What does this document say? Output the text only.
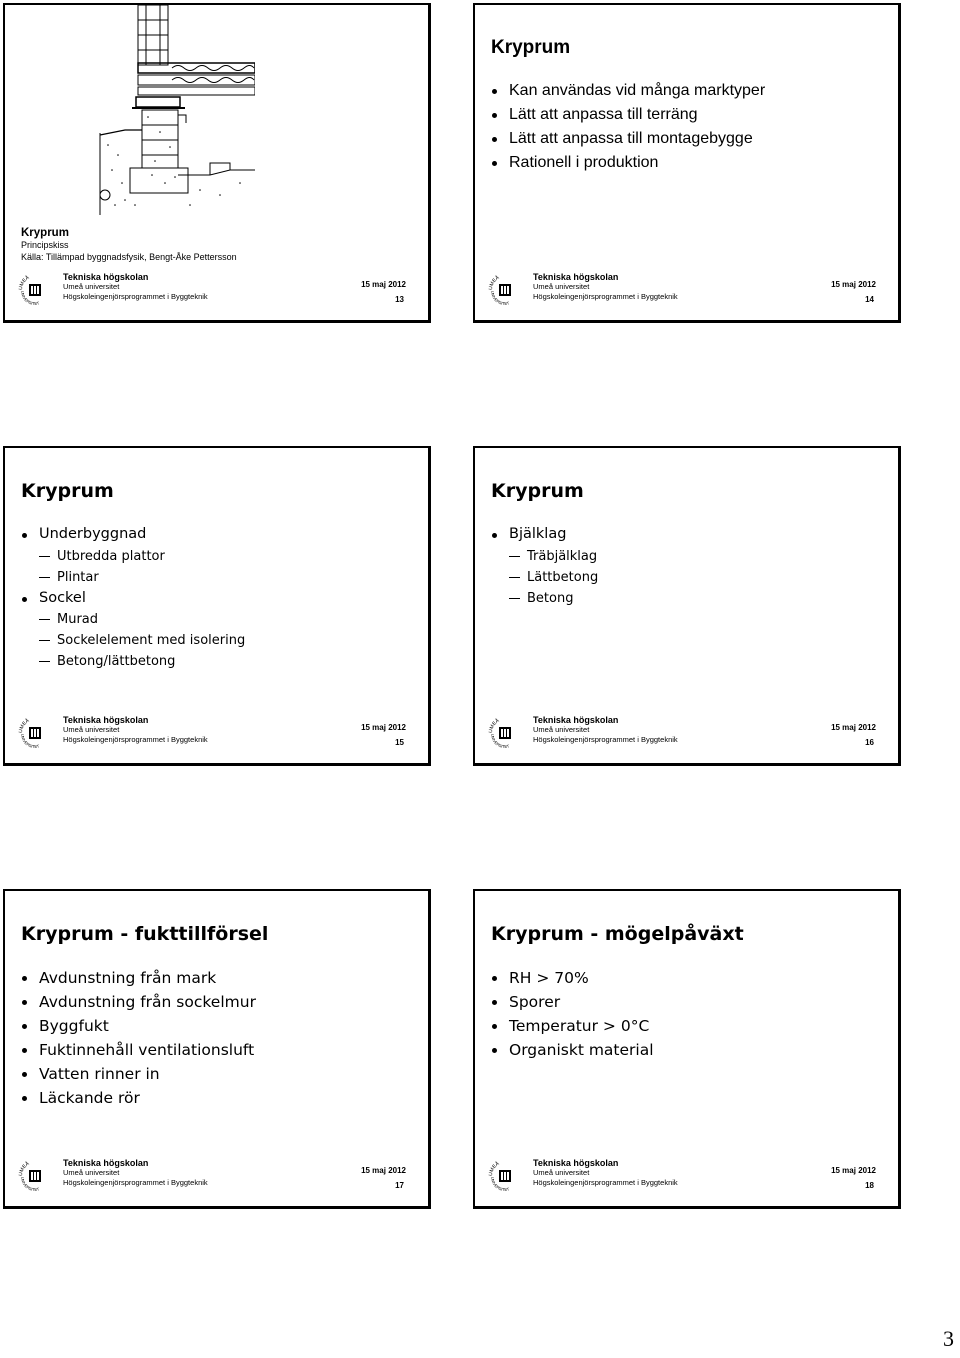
Kryprum
Principskiss
Källa: Tillämpad byggnadsfysik, Bengt-Åke Pettersson
UMEÅ
UNIVERSITET
Tekniska högskolan
Umeå universitet
Högskoleingenjörsprogrammet i Byggteknik
15 maj 2012
13
Kryprum
Kan användas vid många marktyper
Lätt att anpassa till terräng
Lätt att anpassa till montagebygge
Rationell i produktion
UMEÅ
UNIVERSITET
Tekniska högskolan
Umeå universitet
Högskoleingenjörsprogrammet i Byggteknik
15 maj 2012
14
Kryprum
Underbyggnad
Utbredda plattor
Plintar
Sockel
Murad
Sockelelement med isolering
Betong/lättbetong
UMEÅ
UNIVERSITET
Tekniska högskolan
Umeå universitet
Högskoleingenjörsprogrammet i Byggteknik
15 maj 2012
15
Kryprum
Bjälklag
Träbjälklag
Lättbetong
Betong
UMEÅ
UNIVERSITET
Tekniska högskolan
Umeå universitet
Högskoleingenjörsprogrammet i Byggteknik
15 maj 2012
16
Kryprum - fukttillförsel
Avdunstning från mark
Avdunstning från sockelmur
Byggfukt
Fuktinnehåll ventilationsluft
Vatten rinner in
Läckande rör
UMEÅ
UNIVERSITET
Tekniska högskolan
Umeå universitet
Högskoleingenjörsprogrammet i Byggteknik
15 maj 2012
17
Kryprum - mögelpåväxt
RH > 70%
Sporer
Temperatur > 0°C
Organiskt material
UMEÅ
UNIVERSITET
Tekniska högskolan
Umeå universitet
Högskoleingenjörsprogrammet i Byggteknik
15 maj 2012
18
3
